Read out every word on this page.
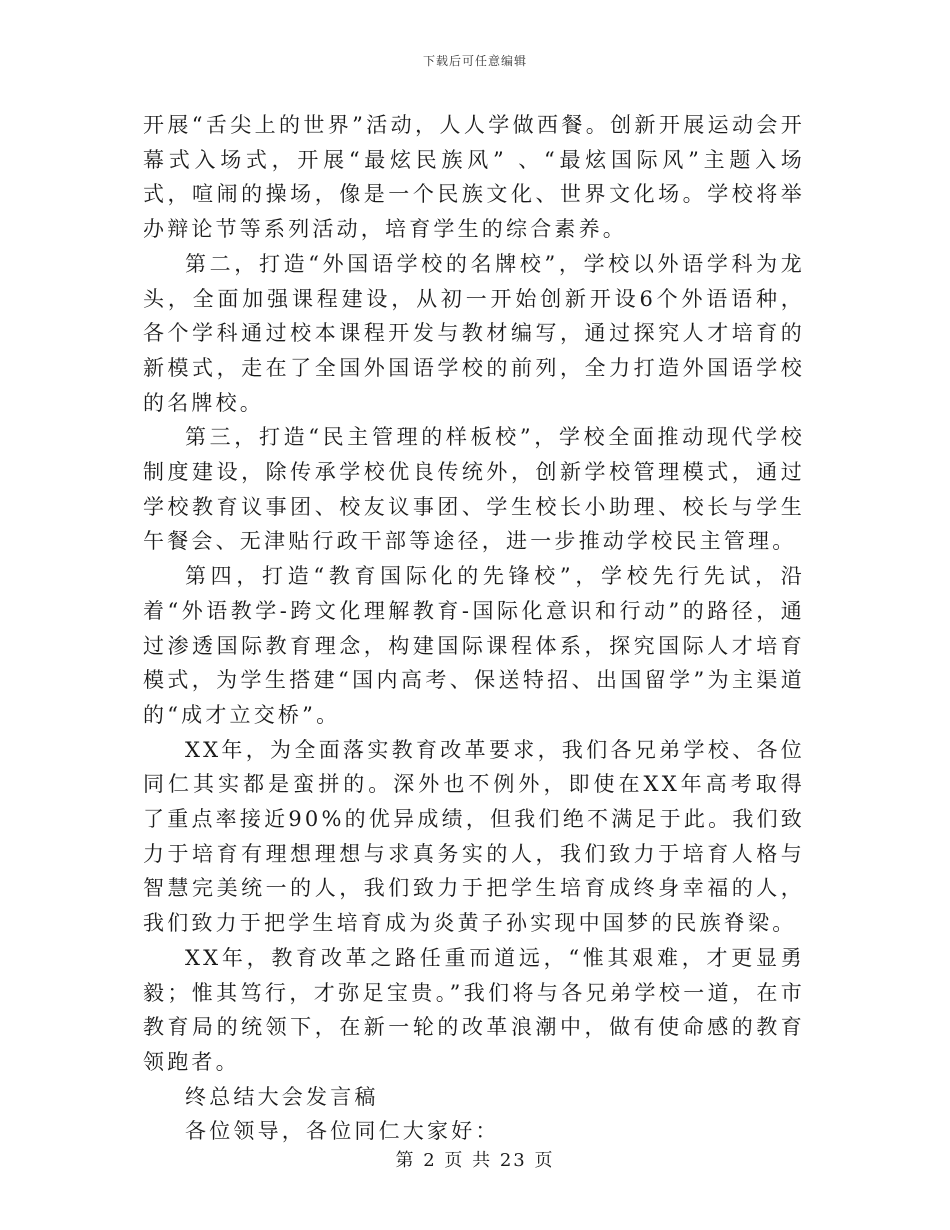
下载后可任意编辑

开展“舌尖上的世界”活动，人人学做西餐。创新开展运动会开幕式入场式，开展“最炫民族风” 、“最炫国际风”主题入场式，喧闹的操场，像是一个民族文化、世界文化场。学校将举办辩论节等系列活动，培育学生的综合素养。

第二，打造“外国语学校的名牌校”，学校以外语学科为龙头，全面加强课程建设，从初一开始创新开设6个外语语种，各个学科通过校本课程开发与教材编写，通过探究人才培育的新模式，走在了全国外国语学校的前列，全力打造外国语学校的名牌校。

第三，打造“民主管理的样板校”，学校全面推动现代学校制度建设，除传承学校优良传统外，创新学校管理模式，通过学校教育议事团、校友议事团、学生校长小助理、校长与学生午餐会、无津贴行政干部等途径，进一步推动学校民主管理。

第四，打造“教育国际化的先锋校”，学校先行先试，沿着“外语教学-跨文化理解教育-国际化意识和行动”的路径，通过渗透国际教育理念，构建国际课程体系，探究国际人才培育模式，为学生搭建“国内高考、保送特招、出国留学”为主渠道的“成才立交桥”。

XX年，为全面落实教育改革要求，我们各兄弟学校、各位同仁其实都是蛮拼的。深外也不例外，即使在XX年高考取得了重点率接近90%的优异成绩，但我们绝不满足于此。我们致力于培育有理想理想与求真务实的人，我们致力于培育人格与智慧完美统一的人，我们致力于把学生培育成终身幸福的人，我们致力于把学生培育成为炎黄子孙实现中国梦的民族脊梁。

XX年，教育改革之路任重而道远，“惟其艰难，才更显勇毅；惟其笃行，才弥足宝贵。”我们将与各兄弟学校一道，在市教育局的统领下，在新一轮的改革浪潮中，做有使命感的教育领跑者。

终总结大会发言稿

各位领导，各位同仁大家好：

第 2 页 共 23 页
